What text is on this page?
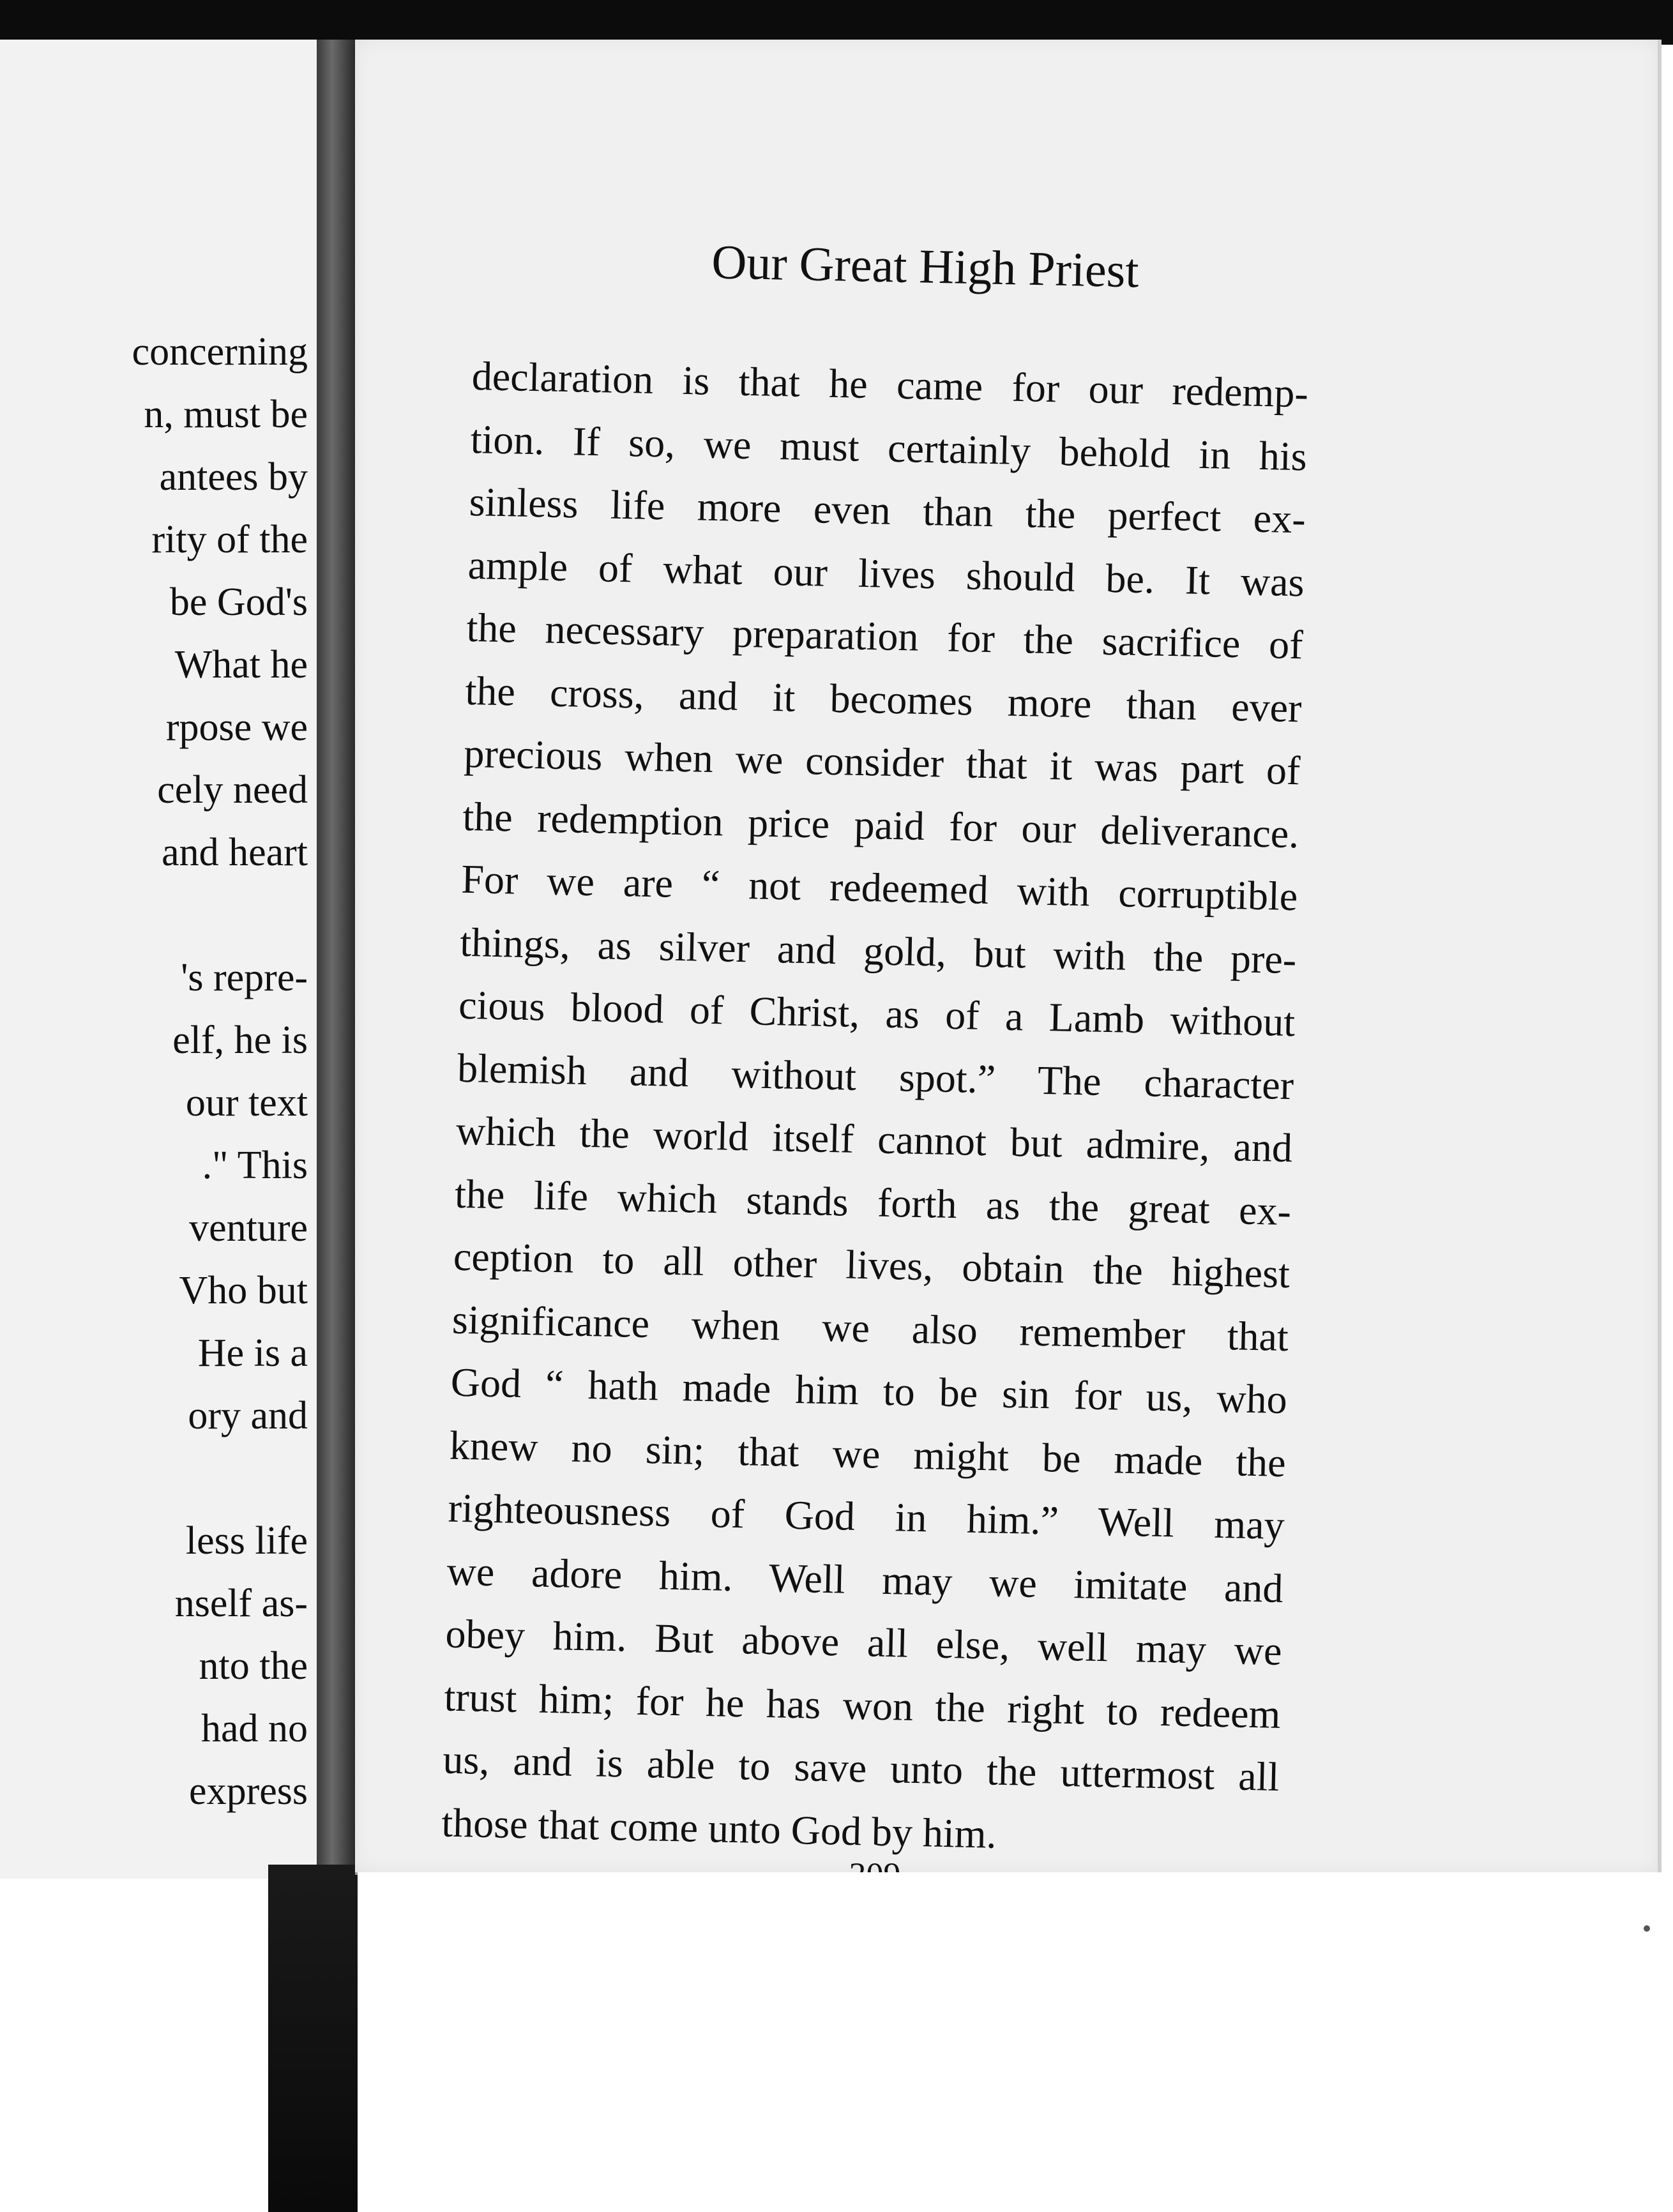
concerning
n, must be
antees by
rity of the
be God's
What he
rpose we
cely need
and heart
's repre-
elf, he is
our text
." This
venture
Vho but
He is a
ory and
less life
nself as-
nto the
had no
express
Our Great High Priest
declaration is that he came for our redemp-
tion. If so, we must certainly behold in his
sinless life more even than the perfect ex-
ample of what our lives should be. It was
the necessary preparation for the sacrifice of
the cross, and it becomes more than ever
precious when we consider that it was part of
the redemption price paid for our deliverance.
For we are “ not redeemed with corruptible
things, as silver and gold, but with the pre-
cious blood of Christ, as of a Lamb without
blemish and without spot.” The character
which the world itself cannot but admire, and
the life which stands forth as the great ex-
ception to all other lives, obtain the highest
significance when we also remember that
God “ hath made him to be sin for us, who
knew no sin; that we might be made the
righteousness of God in him.” Well may
we adore him. Well may we imitate and
obey him. But above all else, well may we
trust him; for he has won the right to redeem
us, and is able to save unto the uttermost all
those that come unto God by him.
